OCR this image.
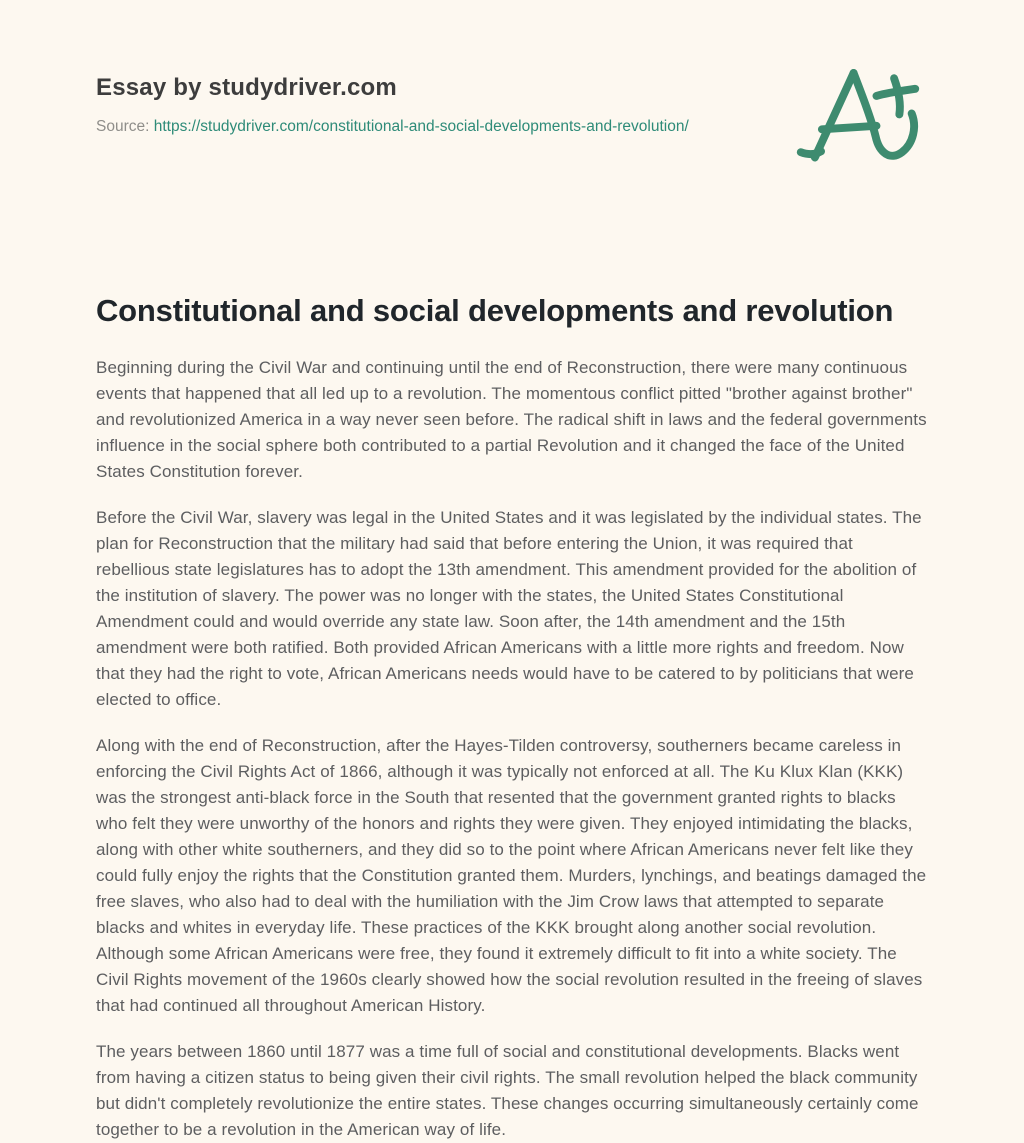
Essay by studydriver.com
Source: https://studydriver.com/constitutional-and-social-developments-and-revolution/
Constitutional and social developments and revolution

Beginning during the Civil War and continuing until the end of Reconstruction, there were many continuous events that happened that all led up to a revolution. The momentous conflict pitted "brother against brother" and revolutionized America in a way never seen before. The radical shift in laws and the federal governments influence in the social sphere both contributed to a partial Revolution and it changed the face of the United States Constitution forever.

Before the Civil War, slavery was legal in the United States and it was legislated by the individual states. The plan for Reconstruction that the military had said that before entering the Union, it was required that rebellious state legislatures has to adopt the 13th amendment. This amendment provided for the abolition of the institution of slavery. The power was no longer with the states, the United States Constitutional Amendment could and would override any state law. Soon after, the 14th amendment and the 15th amendment were both ratified. Both provided African Americans with a little more rights and freedom. Now that they had the right to vote, African Americans needs would have to be catered to by politicians that were elected to office.

Along with the end of Reconstruction, after the Hayes-Tilden controversy, southerners became careless in enforcing the Civil Rights Act of 1866, although it was typically not enforced at all. The Ku Klux Klan (KKK) was the strongest anti-black force in the South that resented that the government granted rights to blacks who felt they were unworthy of the honors and rights they were given. They enjoyed intimidating the blacks, along with other white southerners, and they did so to the point where African Americans never felt like they could fully enjoy the rights that the Constitution granted them. Murders, lynchings, and beatings damaged the free slaves, who also had to deal with the humiliation with the Jim Crow laws that attempted to separate blacks and whites in everyday life. These practices of the KKK brought along another social revolution. Although some African Americans were free, they found it extremely difficult to fit into a white society. The Civil Rights movement of the 1960s clearly showed how the social revolution resulted in the freeing of slaves that had continued all throughout American History.

The years between 1860 until 1877 was a time full of social and constitutional developments. Blacks went from having a citizen status to being given their civil rights. The small revolution helped the black community but didn't completely revolutionize the entire states. These changes occurring simultaneously certainly come together to be a revolution in the American way of life.
